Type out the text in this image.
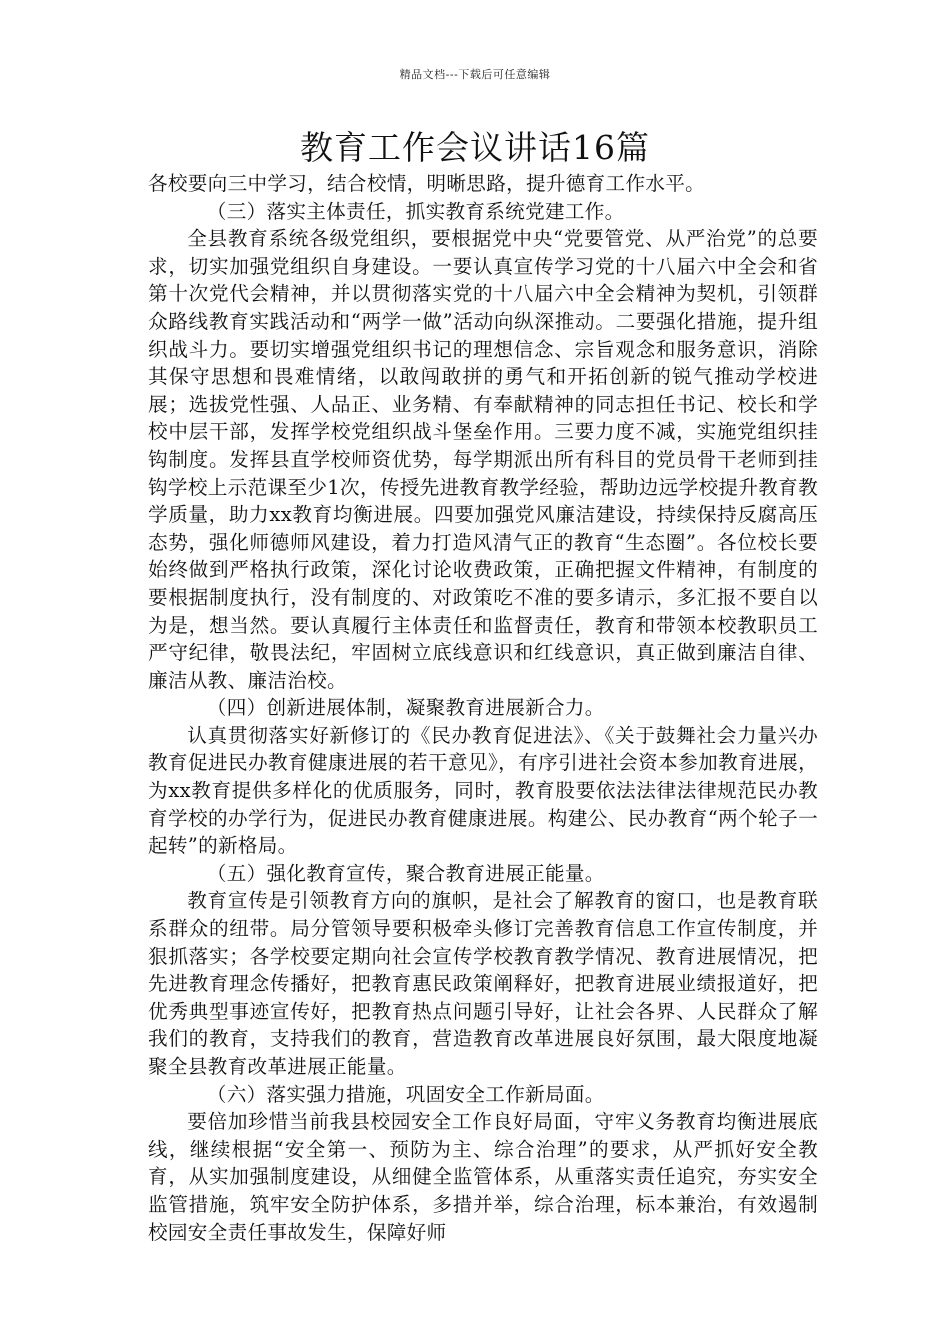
精品文档---下载后可任意编辑
教育工作会议讲话16篇

各校要向三中学习，结合校情，明晰思路，提升德育工作水平。

（三）落实主体责任，抓实教育系统党建工作。

全县教育系统各级党组织，要根据党中央“党要管党、从严治党”的总要求，切实加强党组织自身建设。一要认真宣传学习党的十八届六中全会和省第十次党代会精神，并以贯彻落实党的十八届六中全会精神为契机，引领群众路线教育实践活动和“两学一做”活动向纵深推动。二要强化措施，提升组织战斗力。要切实增强党组织书记的理想信念、宗旨观念和服务意识，消除其保守思想和畏难情绪，以敢闯敢拼的勇气和开拓创新的锐气推动学校进展；选拔党性强、人品正、业务精、有奉献精神的同志担任书记、校长和学校中层干部，发挥学校党组织战斗堡垒作用。三要力度不减，实施党组织挂钩制度。发挥县直学校师资优势，每学期派出所有科目的党员骨干老师到挂钩学校上示范课至少1次，传授先进教育教学经验，帮助边远学校提升教育教学质量，助力xx教育均衡进展。四要加强党风廉洁建设，持续保持反腐高压态势，强化师德师风建设，着力打造风清气正的教育“生态圈”。各位校长要始终做到严格执行政策，深化讨论收费政策，正确把握文件精神，有制度的要根据制度执行，没有制度的、对政策吃不准的要多请示，多汇报不要自以为是，想当然。要认真履行主体责任和监督责任，教育和带领本校教职员工严守纪律，敬畏法纪，牢固树立底线意识和红线意识，真正做到廉洁自律、廉洁从教、廉洁治校。

（四）创新进展体制，凝聚教育进展新合力。

认真贯彻落实好新修订的《民办教育促进法》、《关于鼓舞社会力量兴办教育促进民办教育健康进展的若干意见》，有序引进社会资本参加教育进展，为xx教育提供多样化的优质服务，同时，教育股要依法法律法律规范民办教育学校的办学行为，促进民办教育健康进展。构建公、民办教育“两个轮子一起转”的新格局。

（五）强化教育宣传，聚合教育进展正能量。

教育宣传是引领教育方向的旗帜，是社会了解教育的窗口，也是教育联系群众的纽带。局分管领导要积极牵头修订完善教育信息工作宣传制度，并狠抓落实；各学校要定期向社会宣传学校教育教学情况、教育进展情况，把先进教育理念传播好，把教育惠民政策阐释好，把教育进展业绩报道好，把优秀典型事迹宣传好，把教育热点问题引导好，让社会各界、人民群众了解我们的教育，支持我们的教育，营造教育改革进展良好氛围，最大限度地凝聚全县教育改革进展正能量。

（六）落实强力措施，巩固安全工作新局面。

要倍加珍惜当前我县校园安全工作良好局面，守牢义务教育均衡进展底线，继续根据“安全第一、预防为主、综合治理”的要求，从严抓好安全教育，从实加强制度建设，从细健全监管体系，从重落实责任追究，夯实安全监管措施，筑牢安全防护体系，多措并举，综合治理，标本兼治，有效遏制校园安全责任事故发生，保障好师
